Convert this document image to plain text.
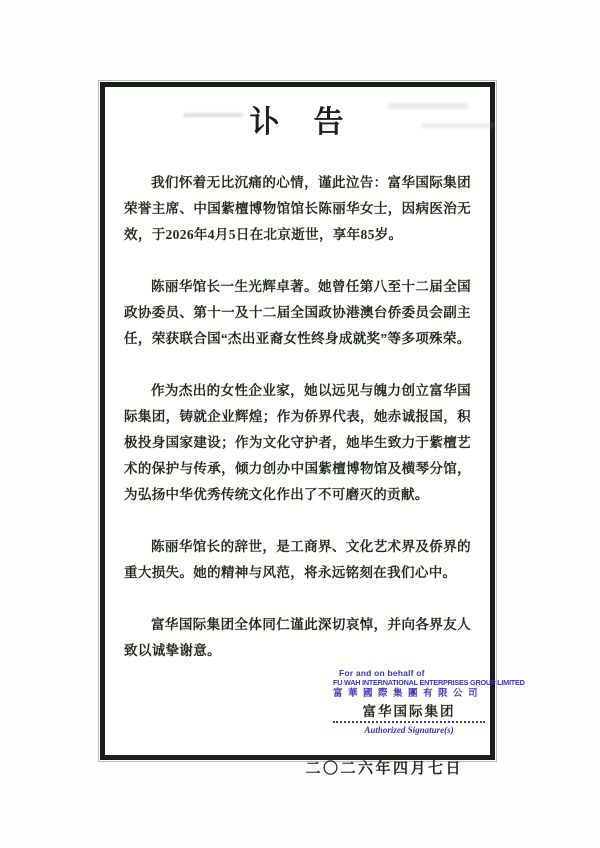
讣　告

我们怀着无比沉痛的心情，谨此泣告：富华国际集团荣誉主席、中国紫檀博物馆馆长陈丽华女士，因病医治无效，于2026年4月5日在北京逝世，享年85岁。

陈丽华馆长一生光辉卓著。她曾任第八至十二届全国政协委员、第十一及十二届全国政协港澳台侨委员会副主任，荣获联合国“杰出亚裔女性终身成就奖”等多项殊荣。

作为杰出的女性企业家，她以远见与魄力创立富华国际集团，铸就企业辉煌；作为侨界代表，她赤诚报国，积极投身国家建设；作为文化守护者，她毕生致力于紫檀艺术的保护与传承，倾力创办中国紫檀博物馆及横琴分馆，为弘扬中华优秀传统文化作出了不可磨灭的贡献。

陈丽华馆长的辞世，是工商界、文化艺术界及侨界的重大损失。她的精神与风范，将永远铭刻在我们心中。

富华国际集团全体同仁谨此深切哀悼，并向各界友人致以诚挚谢意。

For and on behalf of
FU WAH INTERNATIONAL ENTERPRISES GROUP LIMITED
富華國際集團有限公司
富华国际集团
Authorized Signature(s)
二〇二六年四月七日
